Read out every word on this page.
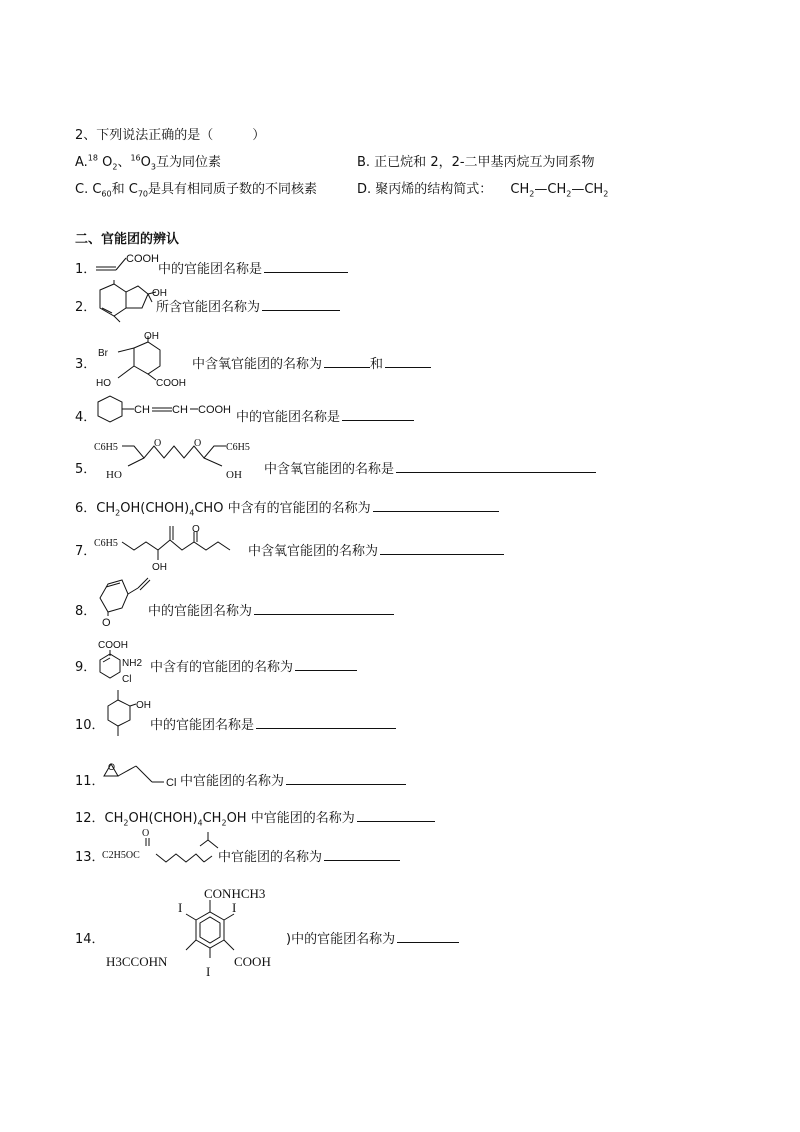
2、下列说法正确的是（　　　）
A.$^{18}$ $O_2$、$^{16}O_3$互为同位素	B. 正已烷和 2，2-二甲基丙烷互为同系物
C. $C_{60}$和 $C_{70}$是具有相同质子数的不同核素	D. 聚丙烯的结构简式： $CH_2—CH_2—CH_2$
二、官能团的辨认
1．
COOH
中的官能团名称是
2．
OH
所含官能团名称为
3．
OH
Br
HO	COOH
中含氧官能团的名称为	和
4．	CH CH COOH 中的官能团名称是
5．
C6H5	O	O C6H5
HO	OH 中含氧官能团的名称是
6．$CH_2OH(CHOH)_4CHO$ 中含有的官能团的名称为
7．
C6H5
OH
O
中含氧官能团的名称为
8．
O
中的官能团名称为
9．
COOH
NH2
Cl
中含有的官能团的名称为
10．
OH
中的官能团名称是
11．
O
Cl 中官能团的名称为
12．$CH_2OH(CHOH)_4CH_2OH$ 中官能团的名称为
13．
O
C2H5OC	中官能团的名称为
14．
CONHCH3
I	I
H3CCOHN	COOH
I
)中的官能团名称为
